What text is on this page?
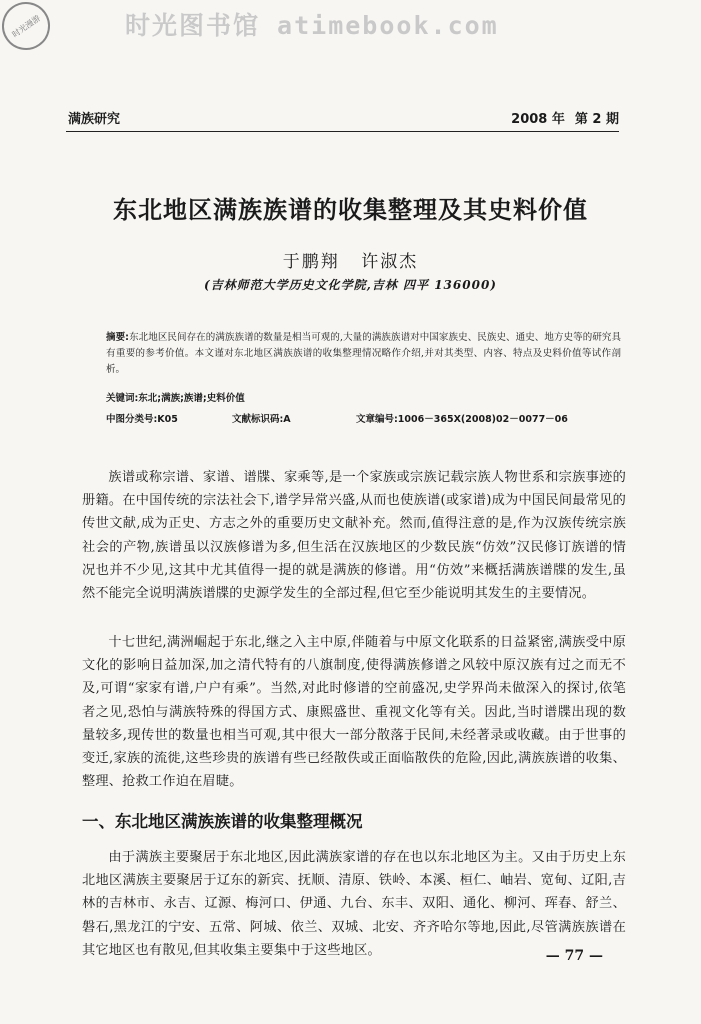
时光漫游	时光图书馆 atimebook.com
满族研究	2008 年 第 2 期
东北地区满族族谱的收集整理及其史料价值
于鹏翔 许淑杰
(吉林师范大学历史文化学院,吉林 四平 136000)
摘要:东北地区民间存在的满族族谱的数量是相当可观的,大量的满族族谱对中国家族史、民族史、通史、地方史等的研究具有重要的参考价值。本文谨对东北地区满族族谱的收集整理情况略作介绍,并对其类型、内容、特点及史料价值等试作剖析。
关键词:东北;满族;族谱;史料价值
中图分类号:K05	文献标识码:A	文章编号:1006－365X(2008)02－0077－06

族谱或称宗谱、家谱、谱牒、家乘等,是一个家族或宗族记载宗族人物世系和宗族事迹的册籍。在中国传统的宗法社会下,谱学异常兴盛,从而也使族谱(或家谱)成为中国民间最常见的传世文献,成为正史、方志之外的重要历史文献补充。然而,值得注意的是,作为汉族传统宗族社会的产物,族谱虽以汉族修谱为多,但生活在汉族地区的少数民族“仿效”汉民修订族谱的情况也并不少见,这其中尤其值得一提的就是满族的修谱。用“仿效”来概括满族谱牒的发生,虽然不能完全说明满族谱牒的史源学发生的全部过程,但它至少能说明其发生的主要情况。

十七世纪,满洲崛起于东北,继之入主中原,伴随着与中原文化联系的日益紧密,满族受中原文化的影响日益加深,加之清代特有的八旗制度,使得满族修谱之风较中原汉族有过之而无不及,可谓“家家有谱,户户有乘”。当然,对此时修谱的空前盛况,史学界尚未做深入的探讨,依笔者之见,恐怕与满族特殊的得国方式、康熙盛世、重视文化等有关。因此,当时谱牒出现的数量较多,现传世的数量也相当可观,其中很大一部分散落于民间,未经著录或收藏。由于世事的变迁,家族的流徙,这些珍贵的族谱有些已经散佚或正面临散佚的危险,因此,满族族谱的收集、整理、抢救工作迫在眉睫。

一、东北地区满族族谱的收集整理概况

由于满族主要聚居于东北地区,因此满族家谱的存在也以东北地区为主。又由于历史上东北地区满族主要聚居于辽东的新宾、抚顺、清原、铁岭、本溪、桓仁、岫岩、宽甸、辽阳,吉林的吉林市、永吉、辽源、梅河口、伊通、九台、东丰、双阳、通化、柳河、珲春、舒兰、磐石,黑龙江的宁安、五常、阿城、依兰、双城、北安、齐齐哈尔等地,因此,尽管满族族谱在其它地区也有散见,但其收集主要集中于这些地区。	— 77 —
